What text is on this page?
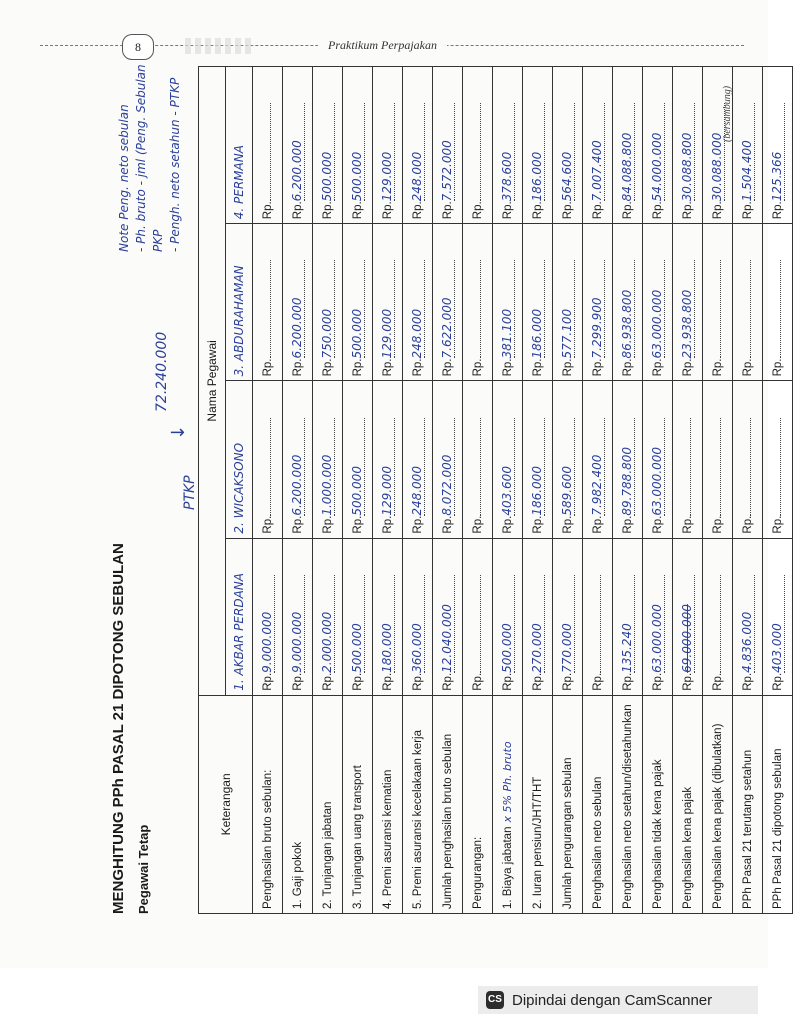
8	Praktikum Perpajakan
MENGHITUNG PPh PASAL 21 DIPOTONG SEBULAN Pegawai Tetap
72.240.000
↓
PTKP
Note Peng. neto sebulan - Ph. bruto - jml (Peng. Sebulan PKP - Pengh. neto setahun - PTKP
Keterangan	Nama Pegawai			
	1. AKBAR PERDANA	2. WICAKSONO	3. ABDURAHAMAN	4. PERMANA
Penghasilan bruto sebulan:	Rp.9.000.000	Rp.	Rp.	Rp.
1. Gaji pokok	Rp.9.000.000	Rp.6.200.000	Rp.6.200.000	Rp.6.200.000
2. Tunjangan jabatan	Rp.2.000.000	Rp.1.000.000	Rp.750.000	Rp.500.000
3. Tunjangan uang transport	Rp.500.000	Rp.500.000	Rp.500.000	Rp.500.000
4. Premi asuransi kematian	Rp.180.000	Rp.129.000	Rp.129.000	Rp.129.000
5. Premi asuransi kecelakaan kerja	Rp.360.000	Rp.248.000	Rp.248.000	Rp.248.000
Jumlah penghasilan bruto sebulan	Rp.12.040.000	Rp.8.072.000	Rp.7.622.000	Rp.7.572.000
Pengurangan:	Rp.	Rp.	Rp.	Rp.
1. Biaya jabatanx 5% Ph. bruto	Rp.500.000	Rp.403.600	Rp.381.100	Rp.378.600
2. Iuran pensiun/JHT/THT	Rp.270.000	Rp.186.000	Rp.186.000	Rp.186.000
Jumlah pengurangan sebulan	Rp.770.000	Rp.589.600	Rp.577.100	Rp.564.600
Penghasilan neto sebulan	Rp.	Rp.7.982.400	Rp.7.299.900	Rp.7.007.400
Penghasilan neto setahun/disetahunkan	Rp.135.240	Rp.89.788.800	Rp.86.938.800	Rp.84.088.800
Penghasilan tidak kena pajak	Rp.63.000.000	Rp.63.000.000	Rp.63.000.000	Rp.54.000.000
Penghasilan kena pajak	Rp.69.000.000	Rp.	Rp.23.938.800	Rp.30.088.800
Penghasilan kena pajak (dibulatkan)	Rp.	Rp.	Rp.	Rp.30.088.000
PPh Pasal 21 terutang setahun	Rp.4.836.000	Rp.	Rp.	Rp.1.504.400
PPh Pasal 21 dipotong sebulan	Rp.403.000	Rp.	Rp.	Rp.125.366
(bersambung)
CS Dipindai dengan CamScanner
